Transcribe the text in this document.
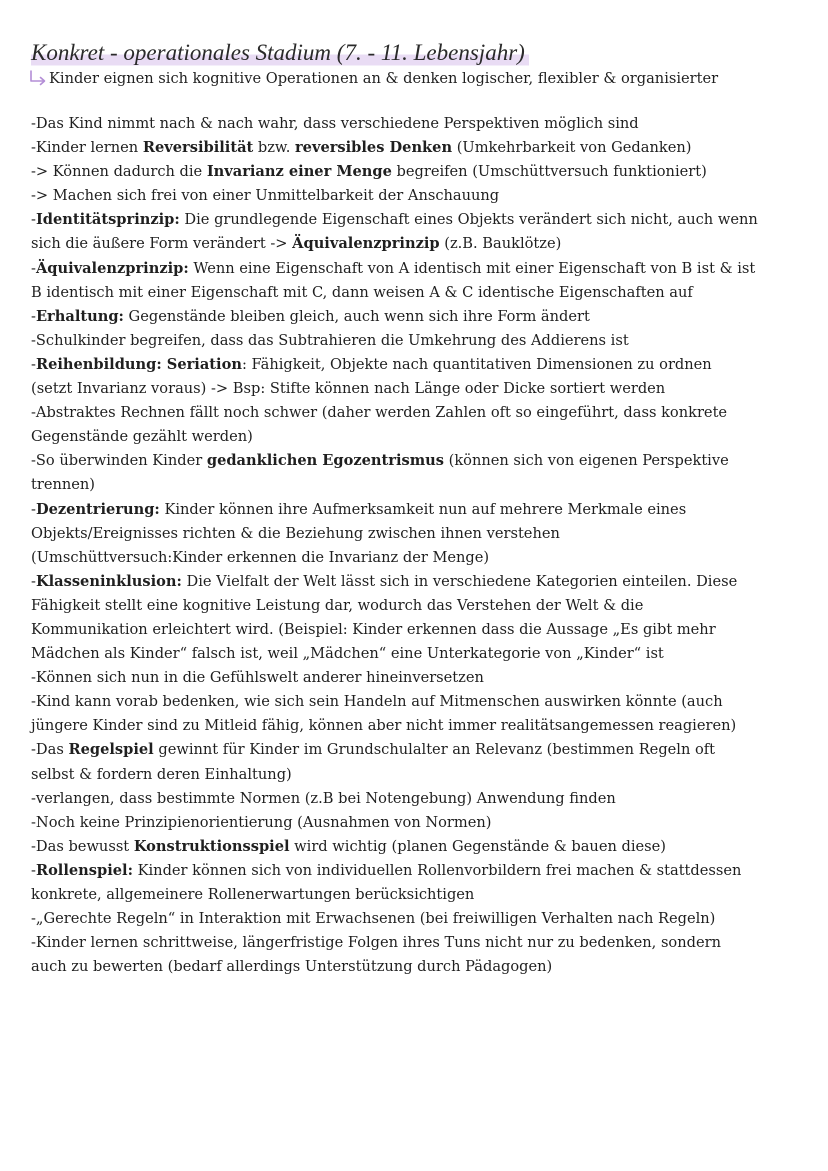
Konkret - operationales Stadium (7. - 11. Lebensjahr)
Kinder eignen sich kognitive Operationen an & denken logischer, flexibler & organisierter
-Das Kind nimmt nach & nach wahr, dass verschiedene Perspektiven möglich sind
-Kinder lernen Reversibilität bzw. reversibles Denken (Umkehrbarkeit von Gedanken)
-> Können dadurch die Invarianz einer Menge begreifen (Umschüttversuch funktioniert)
-> Machen sich frei von einer Unmittelbarkeit der Anschauung
-Identitätsprinzip: Die grundlegende Eigenschaft eines Objekts verändert sich nicht, auch wenn
sich die äußere Form verändert -> Äquivalenzprinzip (z.B. Bauklötze)
-Äquivalenzprinzip: Wenn eine Eigenschaft von A identisch mit einer Eigenschaft von B ist & ist
B identisch mit einer Eigenschaft mit C, dann weisen A & C identische Eigenschaften auf
-Erhaltung: Gegenstände bleiben gleich, auch wenn sich ihre Form ändert
-Schulkinder begreifen, dass das Subtrahieren die Umkehrung des Addierens ist
-Reihenbildung: Seriation: Fähigkeit, Objekte nach quantitativen Dimensionen zu ordnen
(setzt Invarianz voraus) -> Bsp: Stifte können nach Länge oder Dicke sortiert werden
-Abstraktes Rechnen fällt noch schwer (daher werden Zahlen oft so eingeführt, dass konkrete
Gegenstände gezählt werden)
-So überwinden Kinder gedanklichen Egozentrismus (können sich von eigenen Perspektive
trennen)
-Dezentrierung: Kinder können ihre Aufmerksamkeit nun auf mehrere Merkmale eines
Objekts/Ereignisses richten & die Beziehung zwischen ihnen verstehen
(Umschüttversuch:Kinder erkennen die Invarianz der Menge)
-Klasseninklusion: Die Vielfalt der Welt lässt sich in verschiedene Kategorien einteilen. Diese
Fähigkeit stellt eine kognitive Leistung dar, wodurch das Verstehen der Welt & die
Kommunikation erleichtert wird. (Beispiel: Kinder erkennen dass die Aussage „Es gibt mehr
Mädchen als Kinder“ falsch ist, weil „Mädchen“ eine Unterkategorie von „Kinder“ ist
-Können sich nun in die Gefühlswelt anderer hineinversetzen
-Kind kann vorab bedenken, wie sich sein Handeln auf Mitmenschen auswirken könnte (auch
jüngere Kinder sind zu Mitleid fähig, können aber nicht immer realitätsangemessen reagieren)
-Das Regelspiel gewinnt für Kinder im Grundschulalter an Relevanz (bestimmen Regeln oft
selbst & fordern deren Einhaltung)
-verlangen, dass bestimmte Normen (z.B bei Notengebung) Anwendung finden
-Noch keine Prinzipienorientierung (Ausnahmen von Normen)
-Das bewusst Konstruktionsspiel wird wichtig (planen Gegenstände & bauen diese)
-Rollenspiel: Kinder können sich von individuellen Rollenvorbildern frei machen & stattdessen
konkrete, allgemeinere Rollenerwartungen berücksichtigen
-„Gerechte Regeln“ in Interaktion mit Erwachsenen (bei freiwilligen Verhalten nach Regeln)
-Kinder lernen schrittweise, längerfristige Folgen ihres Tuns nicht nur zu bedenken, sondern
auch zu bewerten (bedarf allerdings Unterstützung durch Pädagogen)
